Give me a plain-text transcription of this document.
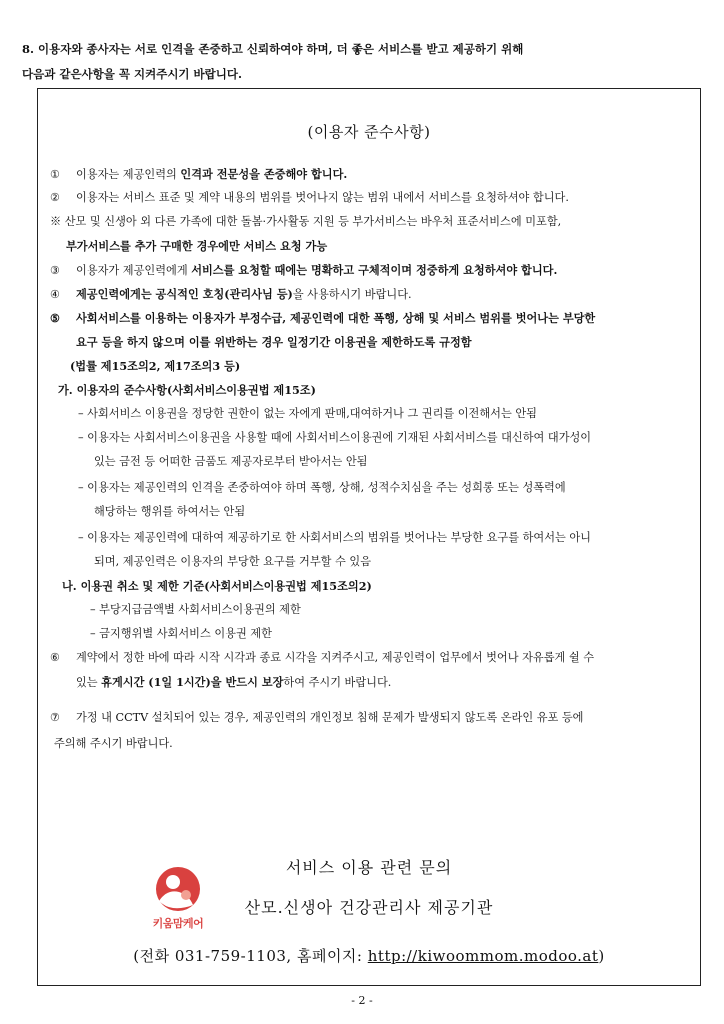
8. 이용자와 종사자는 서로 인격을 존중하고 신뢰하여야 하며, 더 좋은 서비스를 받고 제공하기 위해
다음과 같은사항을 꼭 지켜주시기 바랍니다.
(이용자 준수사항)
① 이용자는 제공인력의 인격과 전문성을 존중해야 합니다.
② 이용자는 서비스 표준 및 계약 내용의 범위를 벗어나지 않는 범위 내에서 서비스를 요청하셔야 합니다.
※ 산모 및 신생아 외 다른 가족에 대한 돌봄·가사활동 지원 등 부가서비스는 바우처 표준서비스에 미포함,
부가서비스를 추가 구매한 경우에만 서비스 요청 가능
③ 이용자가 제공인력에게 서비스를 요청할 때에는 명확하고 구체적이며 정중하게 요청하셔야 합니다.
④ 제공인력에게는 공식적인 호칭(관리사님 등)을 사용하시기 바랍니다.
⑤ 사회서비스를 이용하는 이용자가 부정수급, 제공인력에 대한 폭행, 상해 및 서비스 범위를 벗어나는 부당한
요구 등을 하지 않으며 이를 위반하는 경우 일정기간 이용권을 제한하도록 규정함
(법률 제15조의2, 제17조의3 등)
가. 이용자의 준수사항(사회서비스이용권법 제15조)
– 사회서비스 이용권을 정당한 권한이 없는 자에게 판매,대여하거나 그 권리를 이전해서는 안됨
– 이용자는 사회서비스이용권을 사용할 때에 사회서비스이용권에 기재된 사회서비스를 대신하여 대가성이
있는 금전 등 어떠한 금품도 제공자로부터 받아서는 안됨
– 이용자는 제공인력의 인격을 존중하여야 하며 폭행, 상해, 성적수치심을 주는 성희롱 또는 성폭력에
해당하는 행위를 하여서는 안됨
– 이용자는 제공인력에 대하여 제공하기로 한 사회서비스의 범위를 벗어나는 부당한 요구를 하여서는 아니
되며, 제공인력은 이용자의 부당한 요구를 거부할 수 있음
나. 이용권 취소 및 제한 기준(사회서비스이용권법 제15조의2)
– 부당지급금액별 사회서비스이용권의 제한
– 금지행위별 사회서비스 이용권 제한
⑥ 계약에서 정한 바에 따라 시작 시각과 종료 시각을 지켜주시고, 제공인력이 업무에서 벗어나 자유롭게 쉴 수
있는 휴게시간 (1일 1시간)을 반드시 보장하여 주시기 바랍니다.
⑦ 가정 내 CCTV 설치되어 있는 경우, 제공인력의 개인정보 침해 문제가 발생되지 않도록 온라인 유포 등에
주의해 주시기 바랍니다.
키움맘케어
서비스 이용 관련 문의
산모.신생아 건강관리사 제공기관
(전화 031-759-1103, 홈페이지: http://kiwoommom.modoo.at)
- 2 -
